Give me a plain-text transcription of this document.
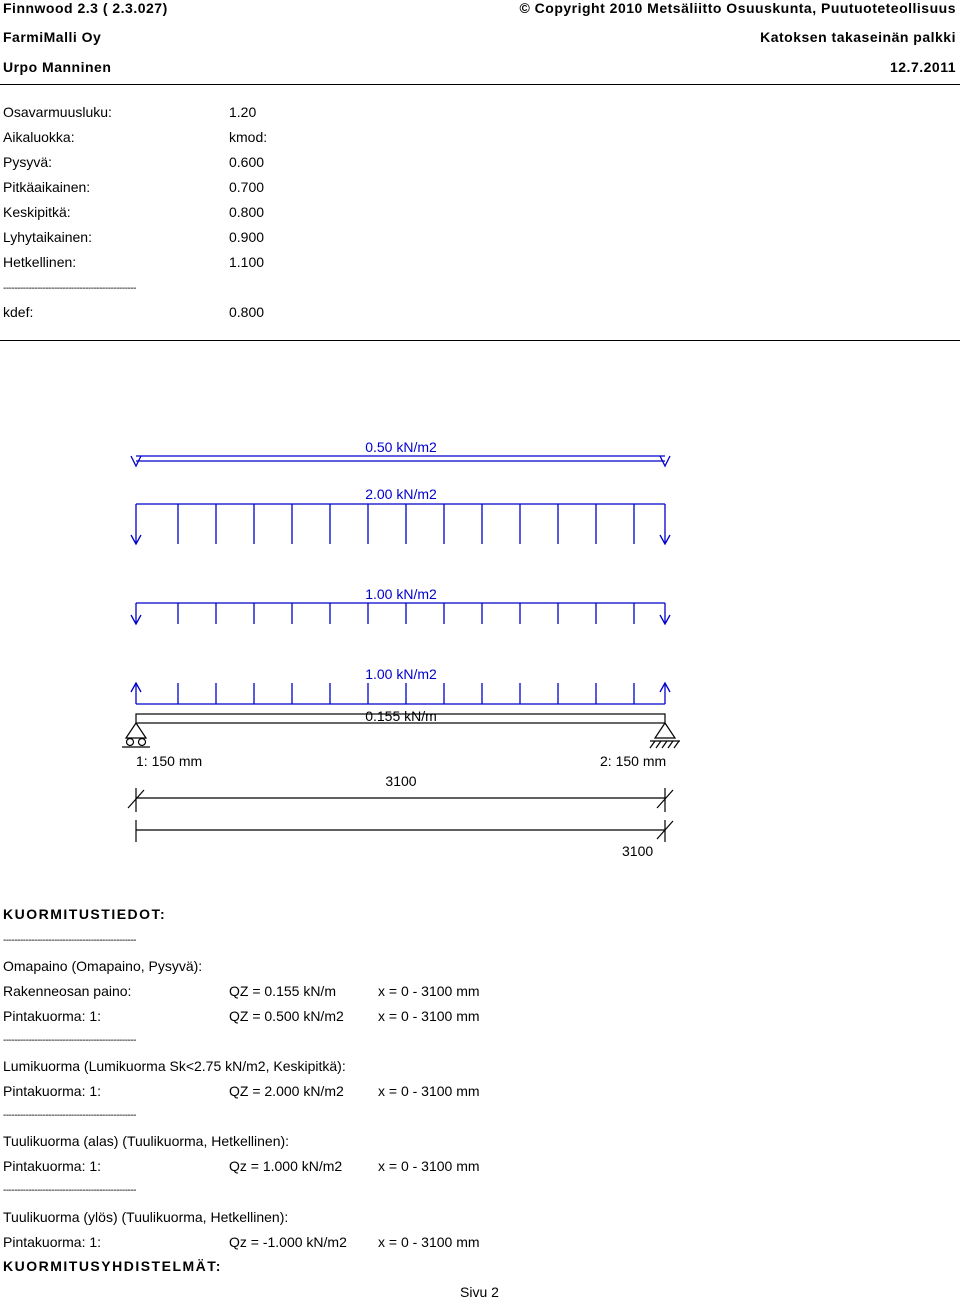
Finnwood 2.3 ( 2.3.027)	© Copyright 2010 Metsäliitto Osuuskunta, Puutuoteteollisuus
FarmiMalli Oy	Katoksen takaseinän palkki
Urpo Manninen	12.7.2011
Osavarmuusluku:	1.20
Aikaluokka:	kmod:
Pysyvä:	0.600
Pitkäaikainen:	0.700
Keskipitkä:	0.800
Lyhytaikainen:	0.900
Hetkellinen:	1.100
-----------------------------------------------
kdef:	0.800
0.50 kN/m2
2.00 kN/m2
1.00 kN/m2
1.00 kN/m2
0.155 kN/m
1: 150 mm	2: 150 mm
3100
3100
KUORMITUSTIEDOT:
-----------------------------------------------
Omapaino (Omapaino, Pysyvä):
Rakenneosan paino:	QZ = 0.155 kN/m	x = 0 - 3100 mm
Pintakuorma: 1:	QZ = 0.500 kN/m2 x = 0 - 3100 mm
-----------------------------------------------
Lumikuorma (Lumikuorma Sk<2.75 kN/m2, Keskipitkä):
Pintakuorma: 1:	QZ = 2.000 kN/m2 x = 0 - 3100 mm
-----------------------------------------------
Tuulikuorma (alas) (Tuulikuorma, Hetkellinen):
Pintakuorma: 1:	Qz = 1.000 kN/m2	x = 0 - 3100 mm
-----------------------------------------------
Tuulikuorma (ylös) (Tuulikuorma, Hetkellinen):
Pintakuorma: 1:	Qz = -1.000 kN/m2 x = 0 - 3100 mm
KUORMITUSYHDISTELMÄT:
Sivu 2
